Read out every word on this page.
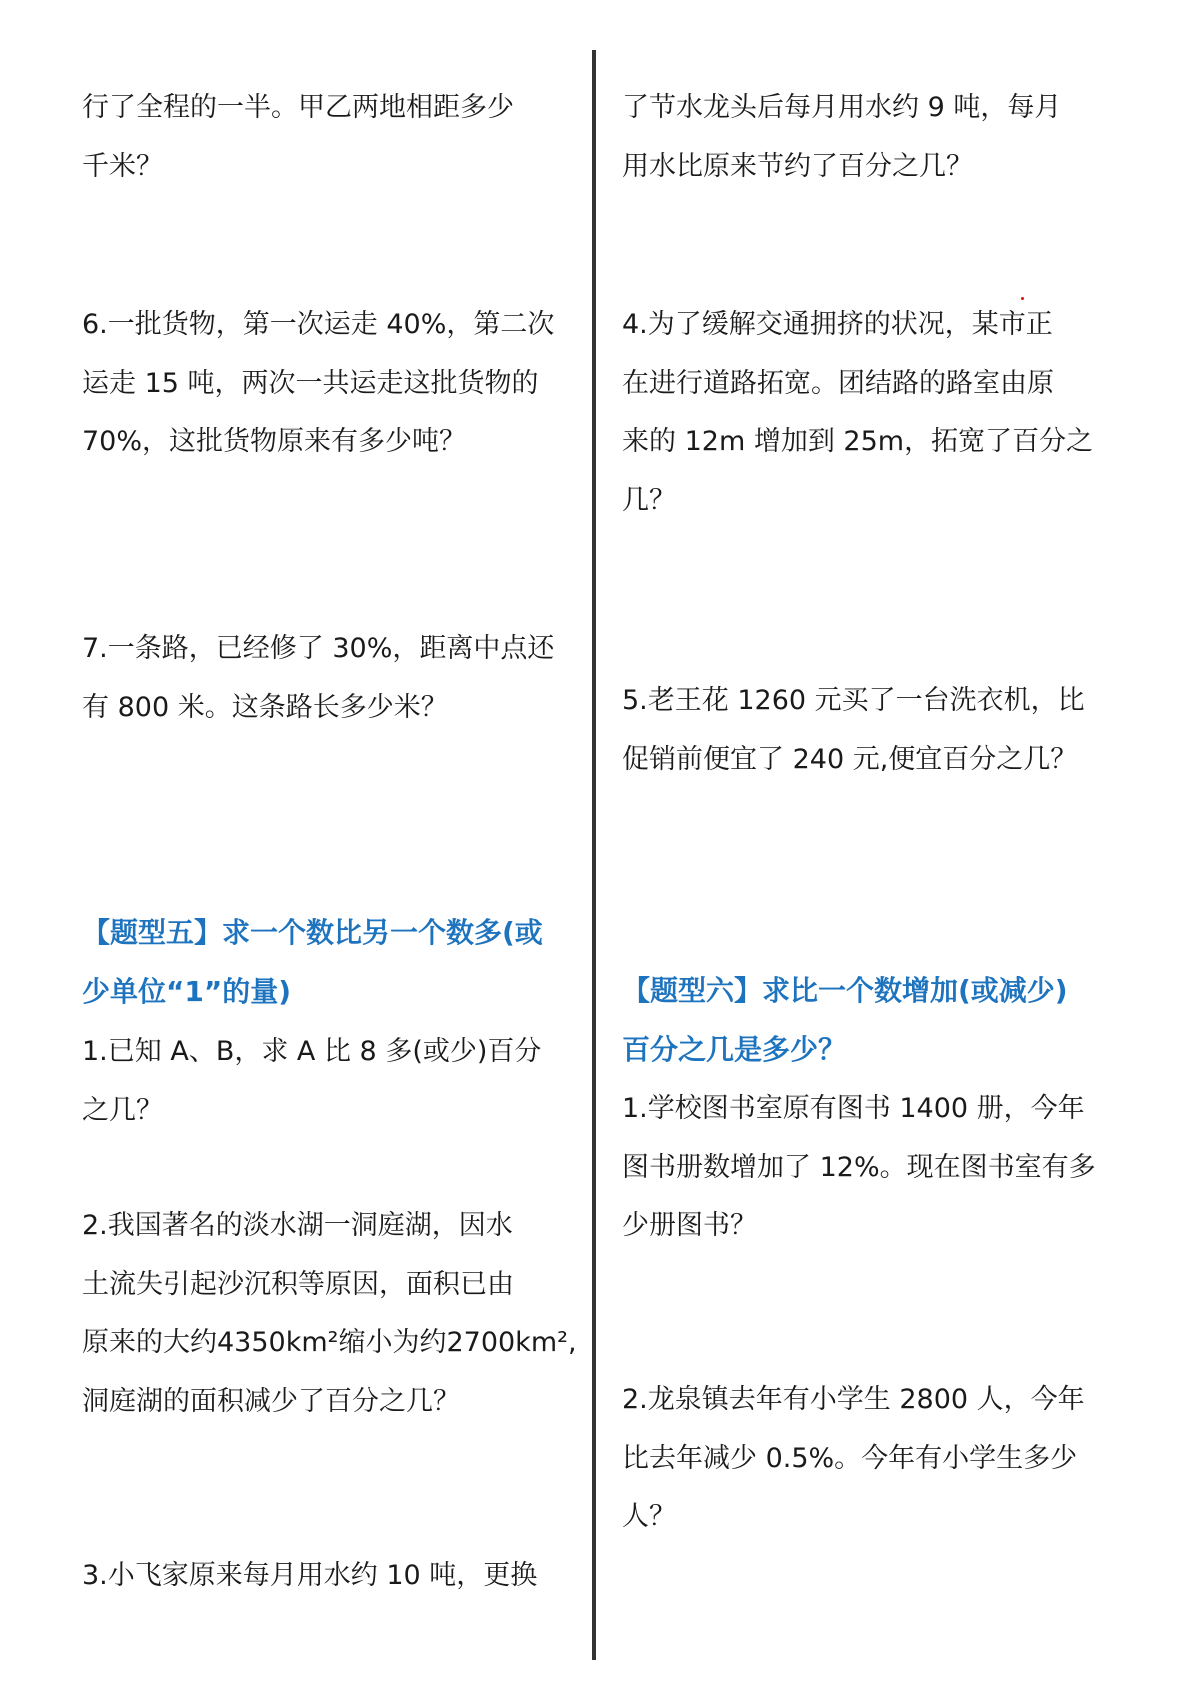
行了全程的一半。甲乙两地相距多少
千米？
6.一批货物，第一次运走 40%，第二次
运走 15 吨，两次一共运走这批货物的
70%，这批货物原来有多少吨？
7.一条路，已经修了 30%，距离中点还
有 800 米。这条路长多少米？
【题型五】求一个数比另一个数多(或
少单位“1”的量)
1.已知 A、B，求 A 比 8 多(或少)百分
之几？
2.我国著名的淡水湖一洞庭湖，因水
土流失引起沙沉积等原因，面积已由
原来的大约4350km²缩小为约2700km²,
洞庭湖的面积减少了百分之几？
3.小飞家原来每月用水约 10 吨，更换
了节水龙头后每月用水约 9 吨，每月
用水比原来节约了百分之几？
4.为了缓解交通拥挤的状况，某市正
在进行道路拓宽。团结路的路室由原
来的 12m 增加到 25m，拓宽了百分之
几？
5.老王花 1260 元买了一台洗衣机，比
促销前便宜了 240 元,便宜百分之几？
【题型六】求比一个数增加(或减少)
百分之几是多少？
1.学校图书室原有图书 1400 册，今年
图书册数增加了 12%。现在图书室有多
少册图书？
2.龙泉镇去年有小学生 2800 人，今年
比去年减少 0.5%。今年有小学生多少
人？
